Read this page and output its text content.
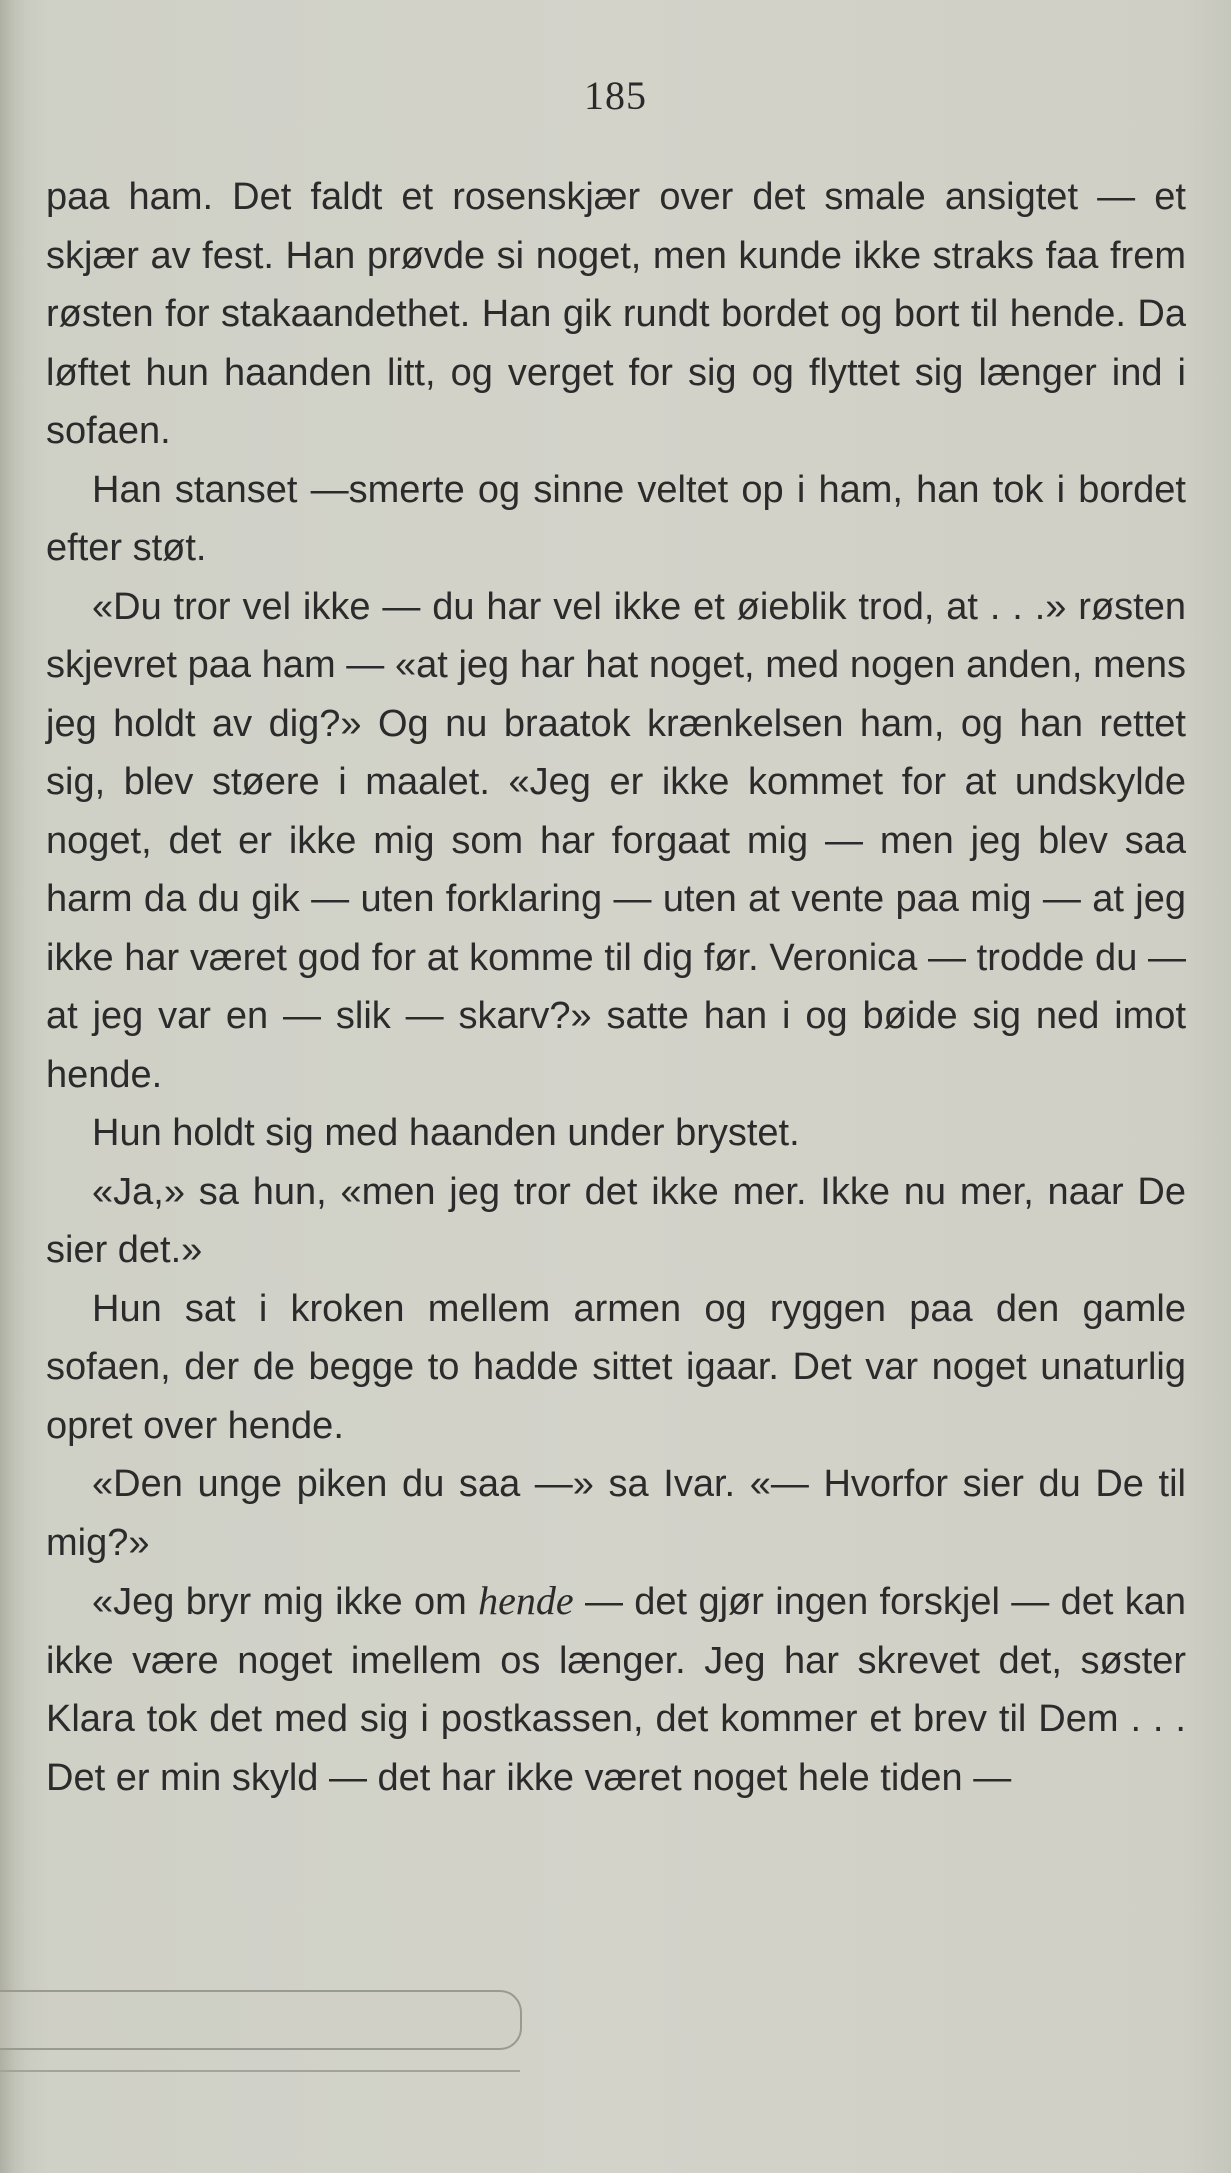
185

paa ham. Det faldt et rosenskjær over det smale ansigtet — et skjær av fest. Han prøvde si noget, men kunde ikke straks faa frem røsten for stakaandethet. Han gik rundt bordet og bort til hende. Da løftet hun haanden litt, og verget for sig og flyttet sig længer ind i sofaen.

Han stanset —smerte og sinne veltet op i ham, han tok i bordet efter støt.

«Du tror vel ikke — du har vel ikke et øieblik trod, at . . .» røsten skjevret paa ham — «at jeg har hat noget, med nogen anden, mens jeg holdt av dig?» Og nu braatok krænkelsen ham, og han rettet sig, blev støere i maalet. «Jeg er ikke kommet for at undskylde noget, det er ikke mig som har forgaat mig — men jeg blev saa harm da du gik — uten forklaring — uten at vente paa mig — at jeg ikke har været god for at komme til dig før. Veronica — trodde du — at jeg var en — slik — skarv?» satte han i og bøide sig ned imot hende.

Hun holdt sig med haanden under brystet.

«Ja,» sa hun, «men jeg tror det ikke mer. Ikke nu mer, naar De sier det.»

Hun sat i kroken mellem armen og ryggen paa den gamle sofaen, der de begge to hadde sittet igaar. Det var noget unaturlig opret over hende.

«Den unge piken du saa —» sa Ivar. «— Hvorfor sier du De til mig?»

«Jeg bryr mig ikke om hende — det gjør ingen forskjel — det kan ikke være noget imellem os længer. Jeg har skrevet det, søster Klara tok det med sig i postkassen, det kommer et brev til Dem . . . Det er min skyld — det har ikke været noget hele tiden —
